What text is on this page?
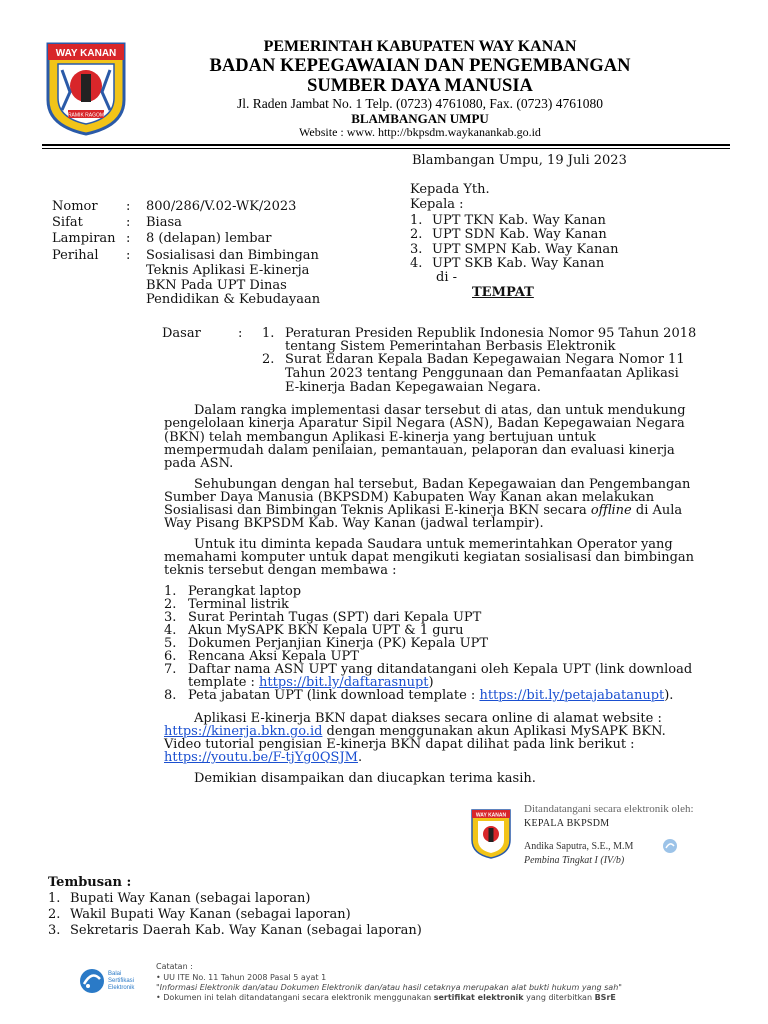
WAY KANAN
RAMIK RAGOM
PEMERINTAH KABUPATEN WAY KANAN
BADAN KEPEGAWAIAN DAN PENGEMBANGAN
SUMBER DAYA MANUSIA
Jl. Raden Jambat No. 1 Telp. (0723) 4761080, Fax. (0723) 4761080
BLAMBANGAN UMPU
Website : www. http://bkpsdm.waykanankab.go.id
Blambangan Umpu, 19 Juli 2023
Nomor : 800/286/V.02-WK/2023
Sifat	: Biasa
Lampiran : 8 (delapan) lembar
Perihal : Sosialisasi dan Bimbingan
Teknis Aplikasi E-kinerja
BKN Pada UPT Dinas
Pendidikan & Kebudayaan
Kepada Yth.
Kepala :
1. UPT TKN Kab. Way Kanan
2. UPT SDN Kab. Way Kanan
3. UPT SMPN Kab. Way Kanan
4. UPT SKB Kab. Way Kanan
di -
TEMPAT
Dasar	: 1. Peraturan Presiden Republik Indonesia Nomor 95 Tahun 2018
tentang Sistem Pemerintahan Berbasis Elektronik
2. Surat Edaran Kepala Badan Kepegawaian Negara Nomor 11
Tahun 2023 tentang Penggunaan dan Pemanfaatan Aplikasi
E-kinerja Badan Kepegawaian Negara.
Dalam rangka implementasi dasar tersebut di atas, dan untuk mendukung
pengelolaan kinerja Aparatur Sipil Negara (ASN), Badan Kepegawaian Negara
(BKN) telah membangun Aplikasi E-kinerja yang bertujuan untuk
mempermudah dalam penilaian, pemantauan, pelaporan dan evaluasi kinerja
pada ASN.
Sehubungan dengan hal tersebut, Badan Kepegawaian dan Pengembangan
Sumber Daya Manusia (BKPSDM) Kabupaten Way Kanan akan melakukan
Sosialisasi dan Bimbingan Teknis Aplikasi E-kinerja BKN secara offline di Aula
Way Pisang BKPSDM Kab. Way Kanan (jadwal terlampir).
Untuk itu diminta kepada Saudara untuk memerintahkan Operator yang
memahami komputer untuk dapat mengikuti kegiatan sosialisasi dan bimbingan
teknis tersebut dengan membawa :
1. Perangkat laptop
2. Terminal listrik
3. Surat Perintah Tugas (SPT) dari Kepala UPT
4. Akun MySAPK BKN Kepala UPT & 1 guru
5. Dokumen Perjanjian Kinerja (PK) Kepala UPT
6. Rencana Aksi Kepala UPT
7. Daftar nama ASN UPT yang ditandatangani oleh Kepala UPT (link download
template : https://bit.ly/daftarasnupt)
8. Peta jabatan UPT (link download template : https://bit.ly/petajabatanupt).
Aplikasi E-kinerja BKN dapat diakses secara online di alamat website :
https://kinerja.bkn.go.id dengan menggunakan akun Aplikasi MySAPK BKN.
Video tutorial pengisian E-kinerja BKN dapat dilihat pada link berikut :
https://youtu.be/F-tjYg0QSJM.
Demikian disampaikan dan diucapkan terima kasih.
WAY KANAN
Ditandatangani secara elektronik oleh:
KEPALA BKPSDM
Andika Saputra, S.E., M.M
Pembina Tingkat I (IV/b)
Tembusan :
1. Bupati Way Kanan (sebagai laporan)
2. Wakil Bupati Way Kanan (sebagai laporan)
3. Sekretaris Daerah Kab. Way Kanan (sebagai laporan)
Balai
Sertifikasi
Elektronik
Catatan :
• UU ITE No. 11 Tahun 2008 Pasal 5 ayat 1
"Informasi Elektronik dan/atau Dokumen Elektronik dan/atau hasil cetaknya merupakan alat bukti hukum yang sah"
• Dokumen ini telah ditandatangani secara elektronik menggunakan sertifikat elektronik yang diterbitkan BSrE
